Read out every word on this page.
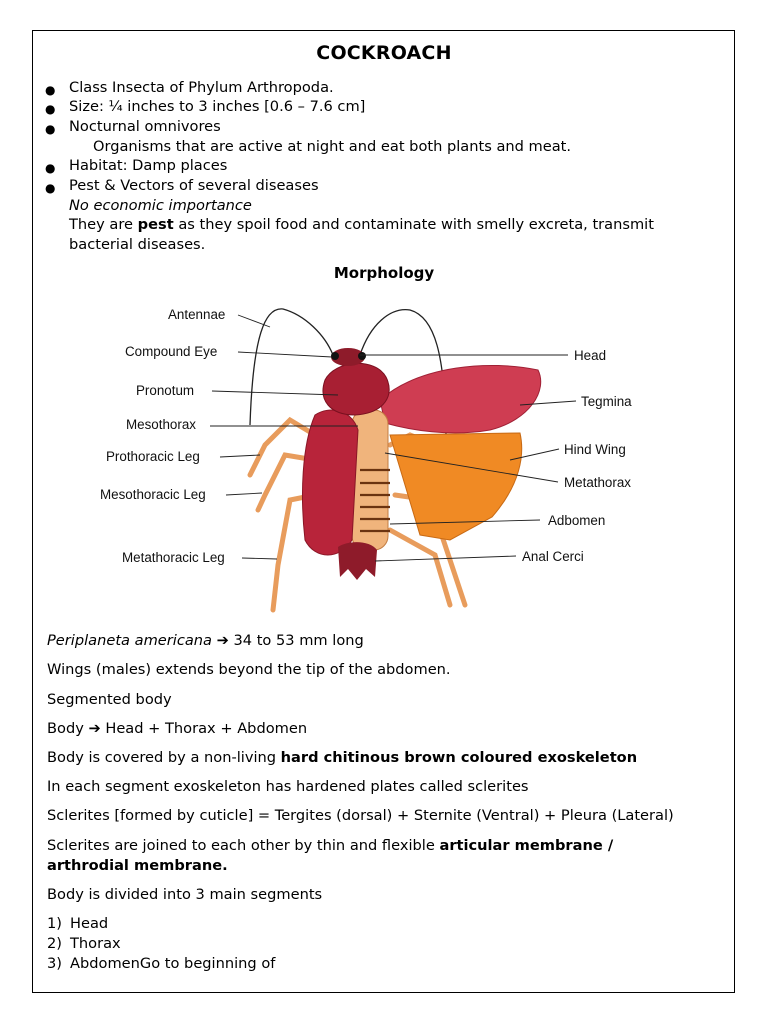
COCKROACH
● Class Insecta of Phylum Arthropoda.
● Size: ¼ inches to 3 inches [0.6 – 7.6 cm]
● Nocturnal omnivores
Organisms that are active at night and eat both plants and meat.
● Habitat: Damp places
● Pest & Vectors of several diseases
No economic importance
They are pest as they spoil food and contaminate with smelly excreta, transmit
bacterial diseases.
Morphology
Antennae
Compound Eye
Pronotum
Mesothorax
Prothoracic Leg
Mesothoracic Leg
Metathoracic Leg
Head
Tegmina
Hind Wing
Metathorax
Adbomen
Anal Cerci
Periplaneta americana ➔ 34 to 53 mm long
Wings (males) extends beyond the tip of the abdomen.
Segmented body
Body ➔ Head + Thorax + Abdomen
Body is covered by a non-living hard chitinous brown coloured exoskeleton
In each segment exoskeleton has hardened plates called sclerites
Sclerites [formed by cuticle] = Tergites (dorsal) + Sternite (Ventral) + Pleura (Lateral)
Sclerites are joined to each other by thin and flexible articular membrane /
arthrodial membrane.
Body is divided into 3 main segments
1) Head
2) Thorax
3) AbdomenGo to beginning of
